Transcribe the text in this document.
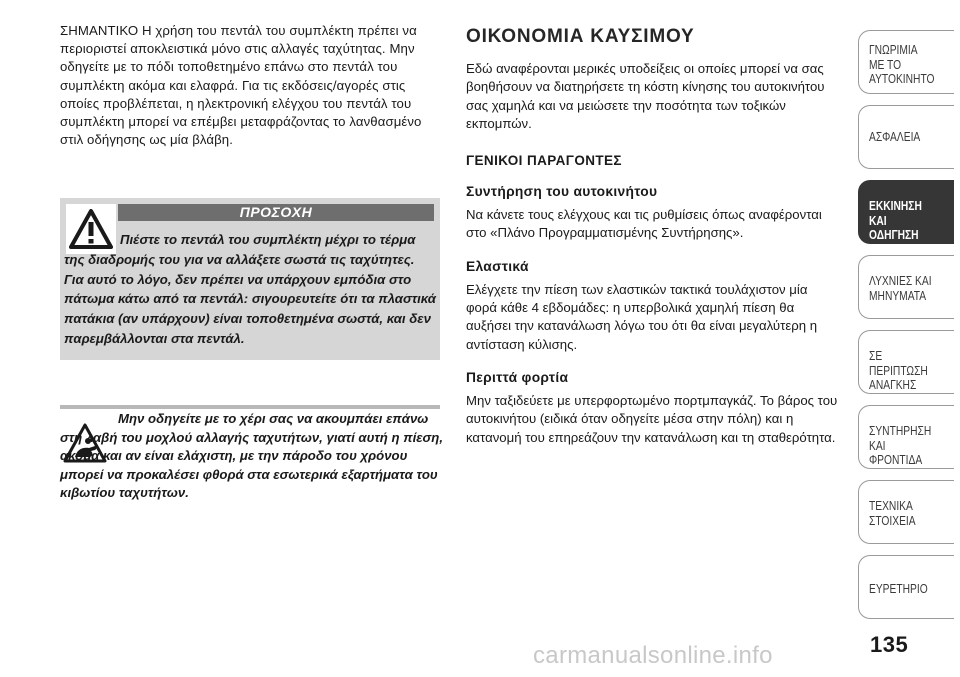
ΣΗΜΑΝΤΙΚΟ Η χρήση του πεντάλ του συμπλέκτη πρέπει να περιοριστεί αποκλειστικά μόνο στις αλλαγές ταχύτητας. Μην οδηγείτε με το πόδι τοποθετημένο επάνω στο πεντάλ του συμπλέκτη ακόμα και ελαφρά. Για τις εκδόσεις/αγορές στις οποίες προβλέπεται, η ηλεκτρονική ελέγχου του πεντάλ του συμπλέκτη μπορεί να επέμβει μεταφράζοντας το λανθασμένο στιλ οδήγησης ως μία βλάβη.

ΠΡΟΣΟΧΗ

Πιέστε το πεντάλ του συμπλέκτη μέχρι το τέρμα της διαδρομής του για να αλλάξετε σωστά τις ταχύτητες. Για αυτό το λόγο, δεν πρέπει να υπάρχουν εμπόδια στο πάτωμα κάτω από τα πεντάλ: σιγουρευτείτε ότι τα πλαστικά πατάκια (αν υπάρχουν) είναι τοποθετημένα σωστά, και δεν παρεμβάλλονται στα πεντάλ.

Μην οδηγείτε με το χέρι σας να ακουμπάει επάνω στη λαβή του μοχλού αλλαγής ταχυτήτων, γιατί αυτή η πίεση, ακόμα και αν είναι ελάχιστη, με την πάροδο του χρόνου μπορεί να προκαλέσει φθορά στα εσωτερικά εξαρτήματα του κιβωτίου ταχυτήτων.

ΟΙΚΟΝΟΜΙΑ ΚΑΥΣΙΜΟΥ

Εδώ αναφέρονται μερικές υποδείξεις οι οποίες μπορεί να σας βοηθήσουν να διατηρήσετε τη κόστη κίνησης του αυτοκινήτου σας χαμηλά και να μειώσετε την ποσότητα των τοξικών εκπομπών.

ΓΕΝΙΚΟΙ ΠΑΡΑΓΟΝΤΕΣ
Συντήρηση του αυτοκινήτου

Να κάνετε τους ελέγχους και τις ρυθμίσεις όπως αναφέρονται στο «Πλάνο Προγραμματισμένης Συντήρησης».

Ελαστικά

Ελέγχετε την πίεση των ελαστικών τακτικά τουλάχιστον μία φορά κάθε 4 εβδομάδες: η υπερβολικά χαμηλή πίεση θα αυξήσει την κατανάλωση λόγω του ότι θα είναι μεγαλύτερη η αντίσταση κύλισης.

Περιττά φορτία

Μην ταξιδεύετε με υπερφορτωμένο πορτμπαγκάζ. Το βάρος του αυτοκινήτου (ειδικά όταν οδηγείτε μέσα στην πόλη) και η κατανομή του επηρεάζουν την κατανάλωση και τη σταθερότητα.

ΓΝΩΡΙΜΙΑ
ΜΕ ΤΟ
ΑΥΤΟΚΙΝΗΤΟ
ΑΣΦΑΛΕΙΑ
ΕΚΚΙΝΗΣΗ ΚΑΙ
ΟΔΗΓΗΣΗ
ΛΥΧΝΙΕΣ ΚΑΙ
ΜΗΝΥΜΑΤΑ
ΣΕ ΠΕΡΙΠΤΩΣΗ
ΑΝΑΓΚΗΣ
ΣΥΝΤΗΡΗΣΗ
ΚΑΙ ΦΡΟΝΤΙΔΑ
ΤΕΧΝΙΚΑ
ΣΤΟΙΧΕΙΑ
ΕΥΡΕΤΗΡΙΟ
135
carmanualsonline.info
